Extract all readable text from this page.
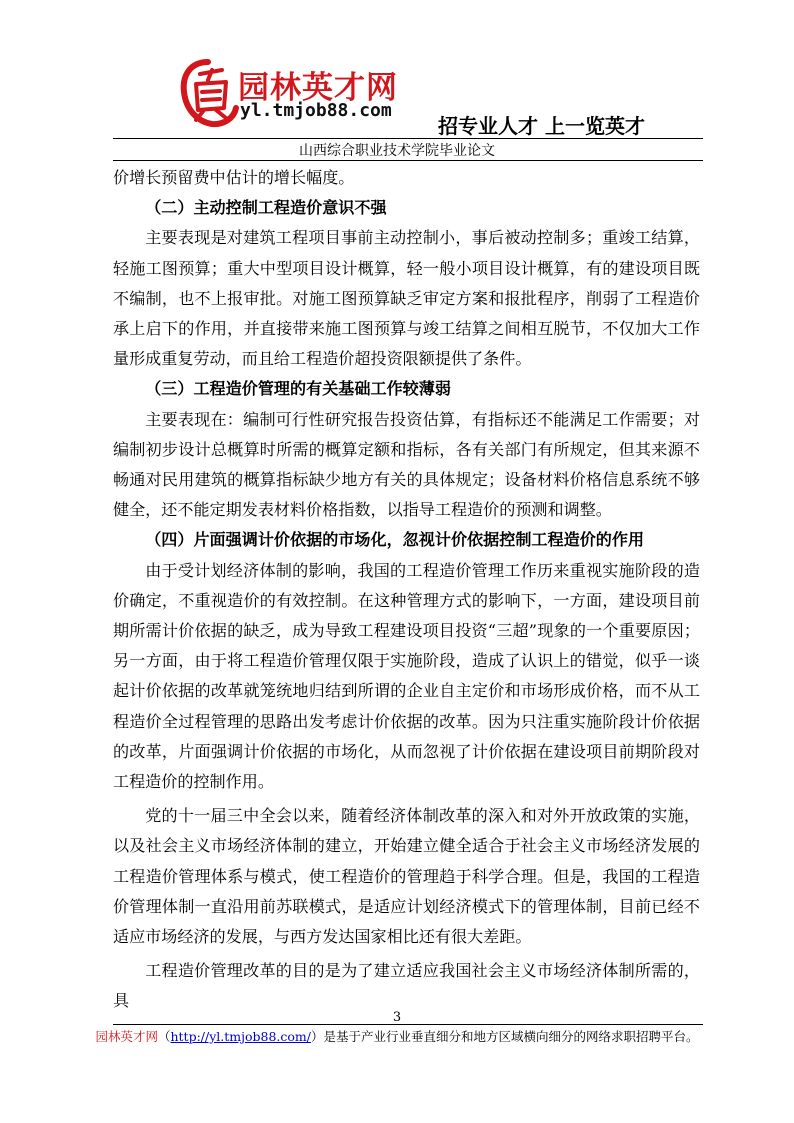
园林英才网
yl.tmjob88.com
招专业人才 上一览英才
山西综合职业技术学院毕业论文

价增长预留费中估计的增长幅度。

（二）主动控制工程造价意识不强

主要表现是对建筑工程项目事前主动控制小，事后被动控制多；重竣工结算，轻施工图预算；重大中型项目设计概算，轻一般小项目设计概算，有的建设项目既不编制，也不上报审批。对施工图预算缺乏审定方案和报批程序，削弱了工程造价承上启下的作用，并直接带来施工图预算与竣工结算之间相互脱节，不仅加大工作量形成重复劳动，而且给工程造价超投资限额提供了条件。

（三）工程造价管理的有关基础工作较薄弱

主要表现在：编制可行性研究报告投资估算，有指标还不能满足工作需要；对编制初步设计总概算时所需的概算定额和指标，各有关部门有所规定，但其来源不畅通对民用建筑的概算指标缺少地方有关的具体规定；设备材料价格信息系统不够健全，还不能定期发表材料价格指数，以指导工程造价的预测和调整。

（四）片面强调计价依据的市场化，忽视计价依据控制工程造价的作用

由于受计划经济体制的影响，我国的工程造价管理工作历来重视实施阶段的造价确定，不重视造价的有效控制。在这种管理方式的影响下，一方面，建设项目前期所需计价依据的缺乏，成为导致工程建设项目投资“三超”现象的一个重要原因；另一方面，由于将工程造价管理仅限于实施阶段，造成了认识上的错觉，似乎一谈起计价依据的改革就笼统地归结到所谓的企业自主定价和市场形成价格，而不从工程造价全过程管理的思路出发考虑计价依据的改革。因为只注重实施阶段计价依据的改革，片面强调计价依据的市场化，从而忽视了计价依据在建设项目前期阶段对工程造价的控制作用。

党的十一届三中全会以来，随着经济体制改革的深入和对外开放政策的实施，以及社会主义市场经济体制的建立，开始建立健全适合于社会主义市场经济发展的工程造价管理体系与模式，使工程造价的管理趋于科学合理。但是，我国的工程造价管理体制一直沿用前苏联模式，是适应计划经济模式下的管理体制，目前已经不适应市场经济的发展，与西方发达国家相比还有很大差距。

工程造价管理改革的目的是为了建立适应我国社会主义市场经济体制所需的，具

3
园林英才网（http://yl.tmjob88.com/）是基于产业行业垂直细分和地方区域横向细分的网络求职招聘平台。
